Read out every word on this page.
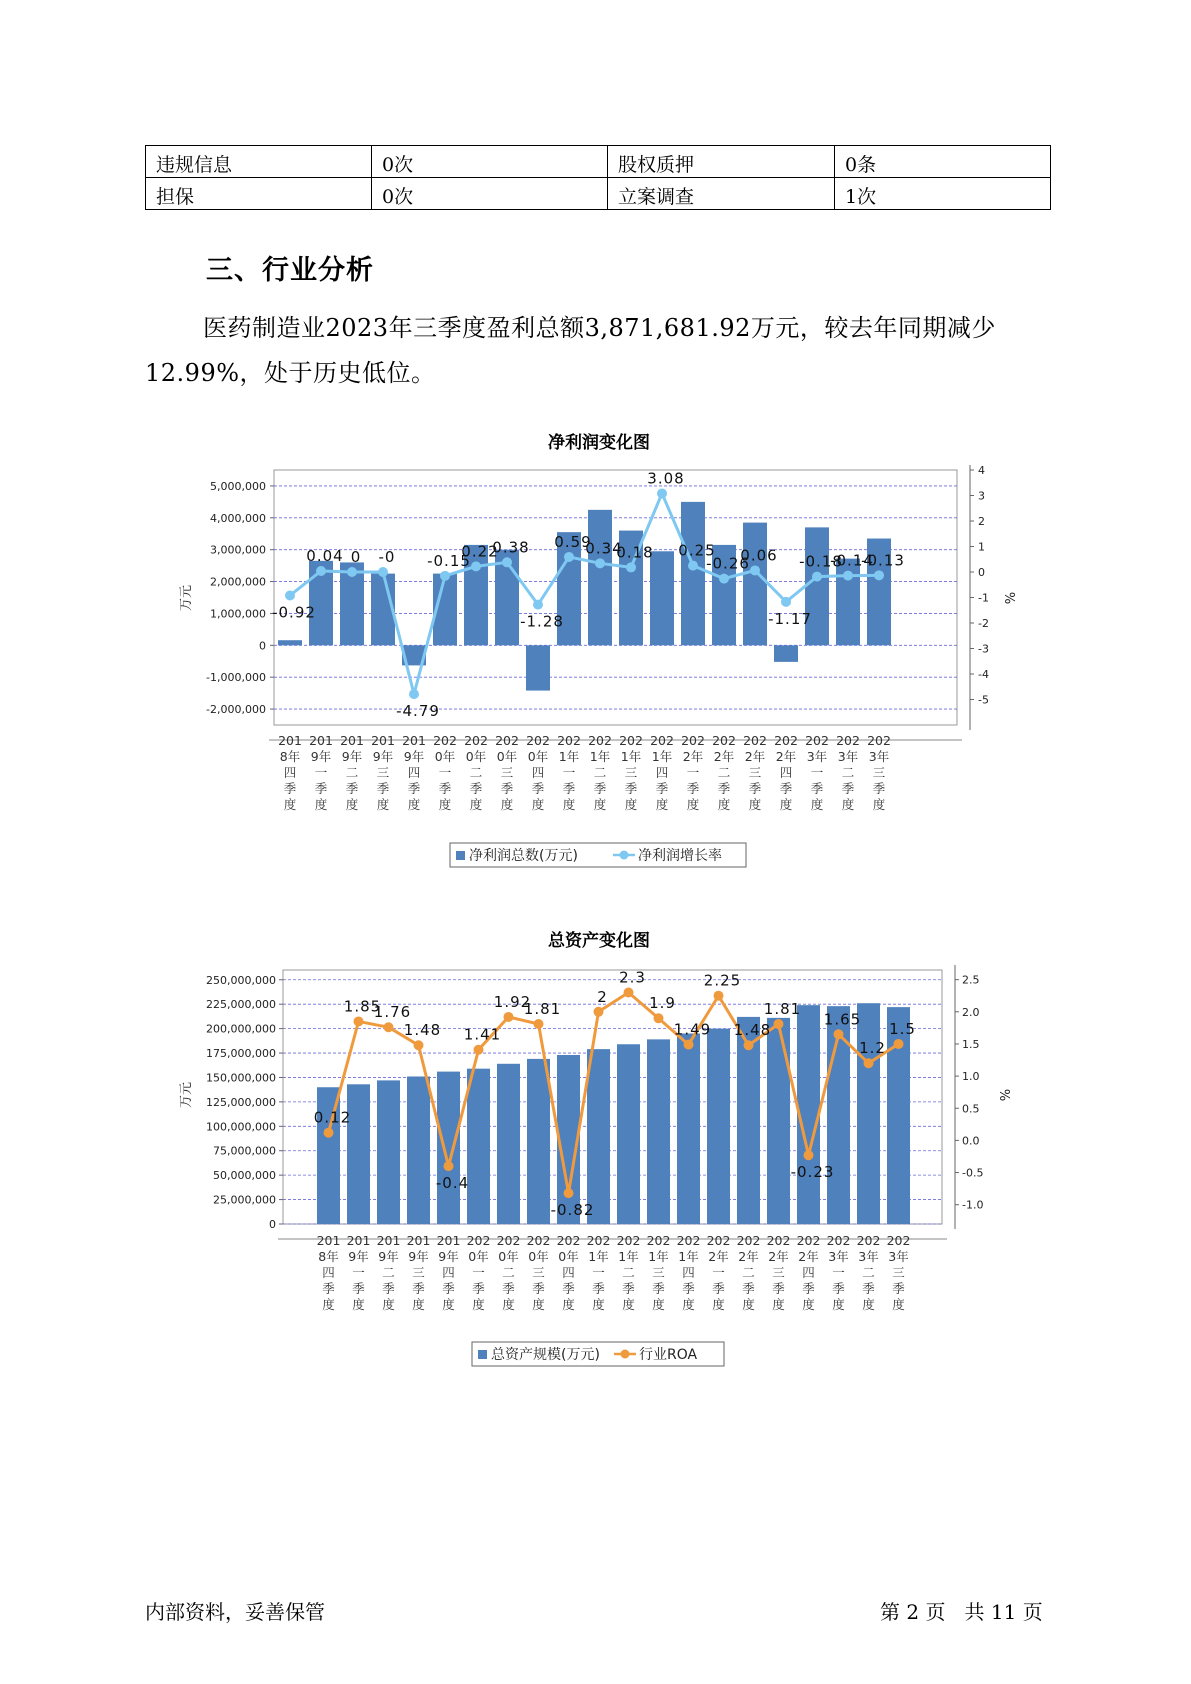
违规信息	0次	股权质押	0条
担保	0次	立案调查	1次
三、行业分析

医药制造业2023年三季度盈利总额3,871,681.92万元，较去年同期减少12.99%，处于历史低位。

净利润变化图
总资产变化图
5,000,000
4,000,000
3,000,000
2,000,000
1,000,000
0
-1,000,000
-2,000,000
4
3
2
1
0
-1
-2
-3
-4
-5
万元	%
-0.92
0.04 0 -0
-4.79
-0.15
0.22
0.38
-1.28
0.59
0.34
0.18
3.08
0.25
-0.26
0.06
-1.17
-0.18
-0.14
-0.13
201
8年
四
季
度
201
9年
一
季
度
201
9年
二
季
度
201
9年
三
季
度
201
9年
四
季
度
202
0年
一
季
度
202
0年
二
季
度
202
0年
三
季
度
202
0年
四
季
度
202
1年
一
季
度
202
1年
二
季
度
202
1年
三
季
度
202
1年
四
季
度
202
2年
一
季
度
202
2年
二
季
度
202
2年
三
季
度
202
2年
四
季
度
202
3年
一
季
度
202
3年
二
季
度
202
3年
三
季
度
净利润总数(万元)	净利润增长率
250,000,000
225,000,000
200,000,000
175,000,000
150,000,000
125,000,000
100,000,000
75,000,000
50,000,000
25,000,000
0
2.5
2.0
1.5
1.0
0.5
0.0
-0.5
-1.0
万元	%
0.12
1.85
1.76
1.48
-0.4
1.41
1.92
1.81
-0.82
2
2.3
1.9
1.49
2.25
1.48
1.81
-0.23
1.65
1.2
1.5
201
8年
四
季
度
201
9年
一
季
度
201
9年
二
季
度
201
9年
三
季
度
201
9年
四
季
度
202
0年
一
季
度
202
0年
二
季
度
202
0年
三
季
度
202
0年
四
季
度
202
1年
一
季
度
202
1年
二
季
度
202
1年
三
季
度
202
1年
四
季
度
202
2年
一
季
度
202
2年
二
季
度
202
2年
三
季
度
202
2年
四
季
度
202
3年
一
季
度
202
3年
二
季
度
202
3年
三
季
度
总资产规模(万元)	行业ROA
内部资料，妥善保管	第 2 页 共 11 页
